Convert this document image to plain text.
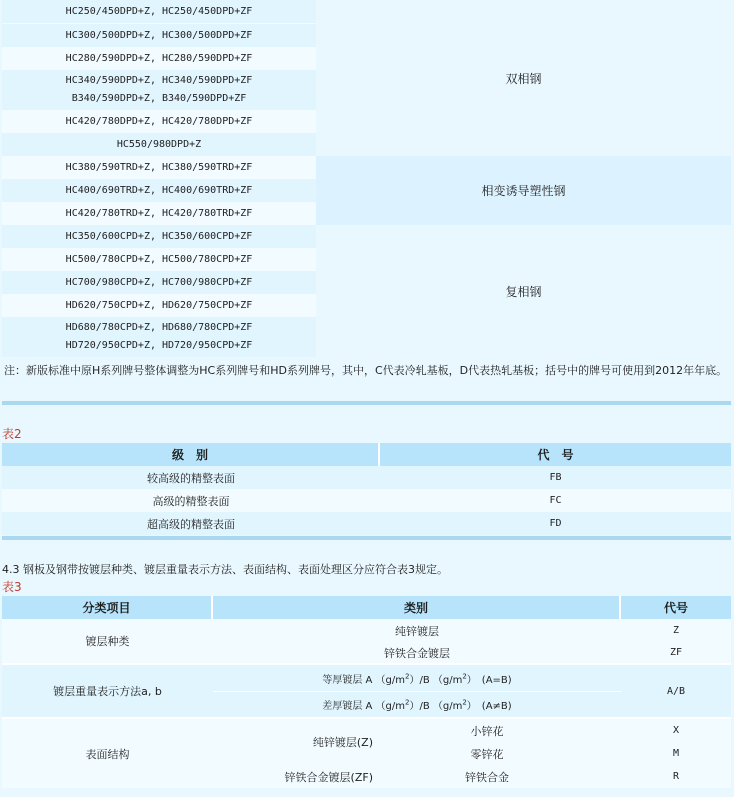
HC250/450DPD+Z, HC250/450DPD+ZF	双相钢

HC300/500DPD+Z, HC300/500DPD+ZF	
HC280/590DPD+Z, HC280/590DPD+ZF	

HC340/590DPD+Z, HC340/590DPD+ZF
B340/590DPD+Z, B340/590DPD+ZF	

HC420/780DPD+Z, HC420/780DPD+ZF	
HC550/980DPD+Z	
HC380/590TRD+Z, HC380/590TRD+ZF	相变诱导塑性钢
HC400/690TRD+Z, HC400/690TRD+ZF	
HC420/780TRD+Z, HC420/780TRD+ZF	
HC350/600CPD+Z, HC350/600CPD+ZF	复相钢
HC500/780CPD+Z, HC500/780CPD+ZF	
HC700/980CPD+Z, HC700/980CPD+ZF	
HD620/750CPD+Z, HD620/750CPD+ZF	

HD680/780CPD+Z, HD680/780CPD+ZF
HD720/950CPD+Z, HD720/950CPD+ZF	
注：新版标准中原H系列牌号整体调整为HC系列牌号和HD系列牌号，其中，C代表冷轧基板，D代表热轧基板；括号中的牌号可使用到2012年年底。
表2
级　别	代　号
较高级的精整表面	FB
高级的精整表面	FC
超高级的精整表面	FD
4.3 钢板及钢带按镀层种类、镀层重量表示方法、表面结构、表面处理区分应符合表3规定。
表3
分类项目	类别		代号
镀层种类	纯锌镀层		Z
	锌铁合金镀层		ZF
镀层重量表示方法a, b	等厚镀层 A $(g/m^2)/B$ $(g/m^2)$　(A=B)		A/B
	差厚镀层 A $(g/m^2)/B$ $(g/m^2)$　(A≠B)		
表面结构	纯锌镀层(Z)	小锌花	X
		零锌花	M
	锌铁合金镀层(ZF)	锌铁合金	R
